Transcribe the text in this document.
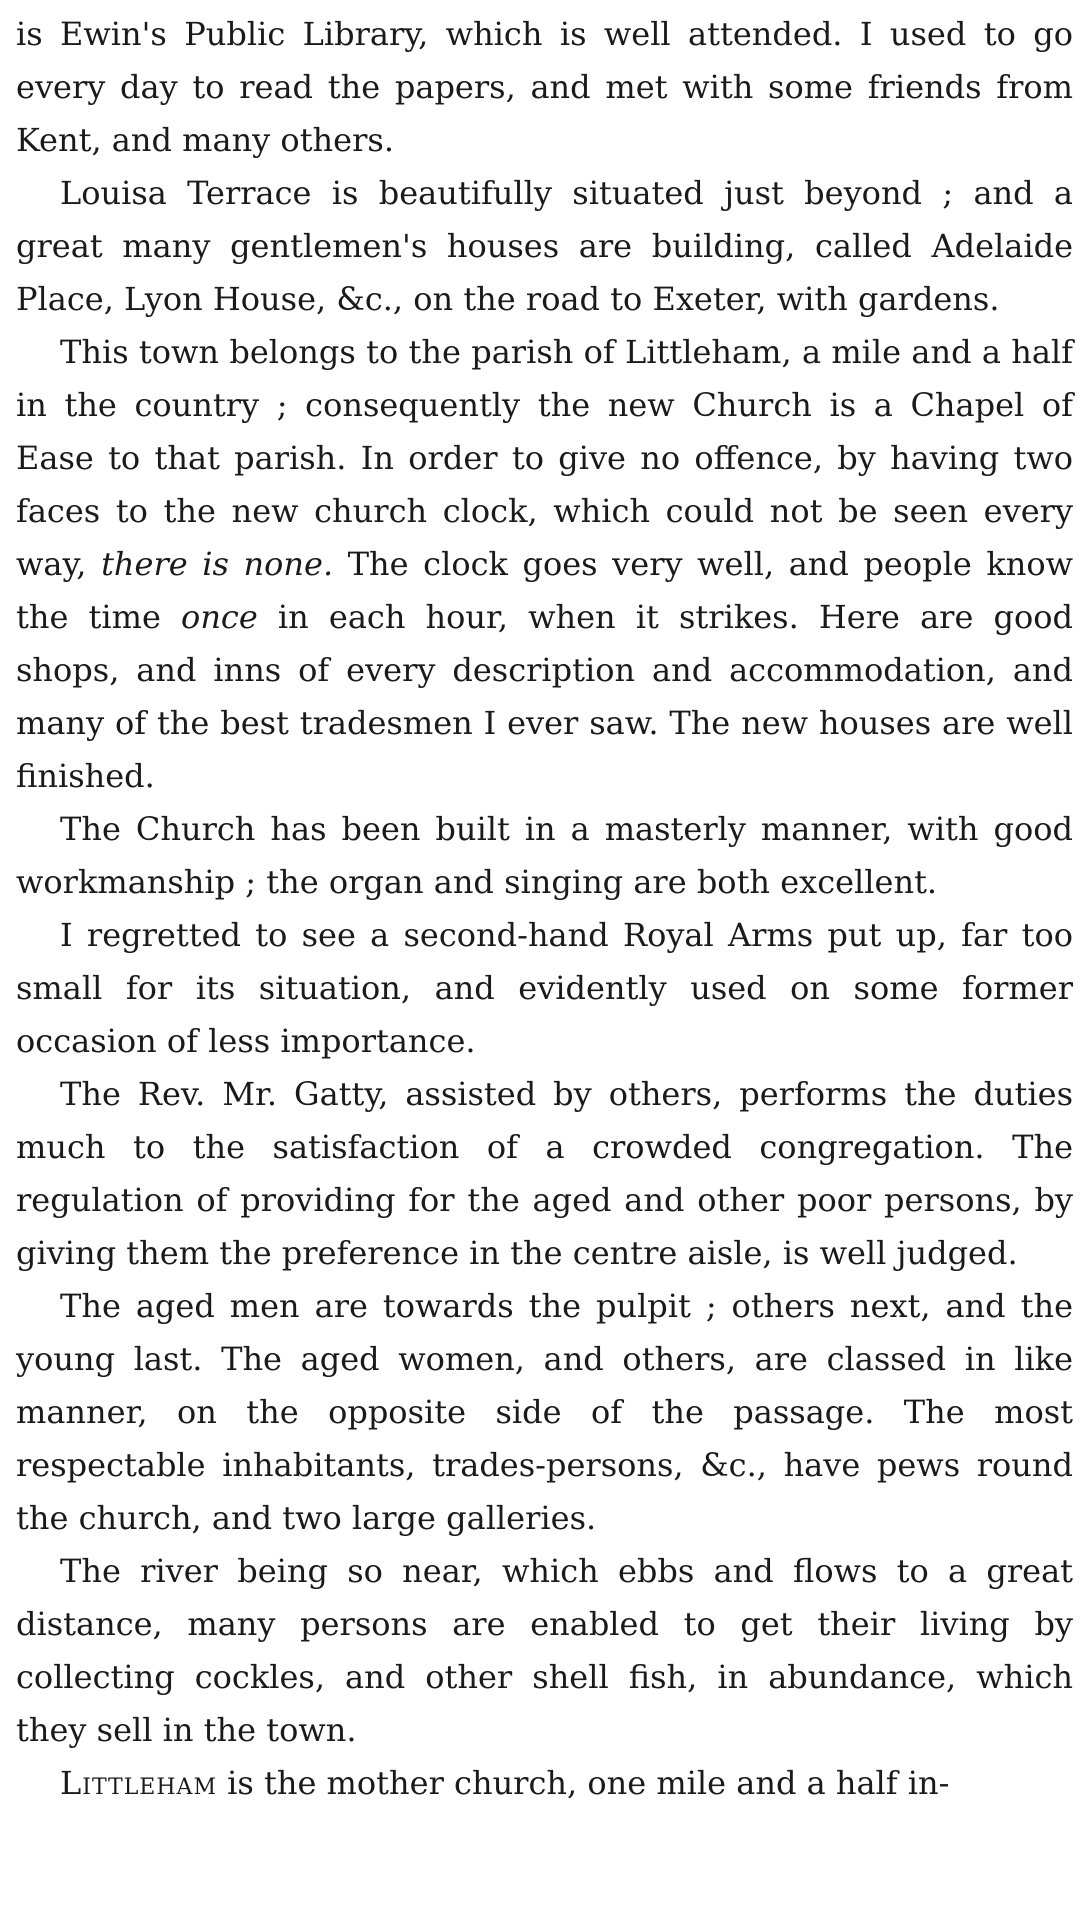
is Ewin's Public Library, which is well attended. I used to go every day to read the papers, and met with some friends from Kent, and many others.

Louisa Terrace is beautifully situated just beyond ; and a great many gentlemen's houses are building, called Adelaide Place, Lyon House, &c., on the road to Exeter, with gardens.

This town belongs to the parish of Littleham, a mile and a half in the country ; consequently the new Church is a Chapel of Ease to that parish. In order to give no offence, by having two faces to the new church clock, which could not be seen every way, there is none. The clock goes very well, and people know the time once in each hour, when it strikes. Here are good shops, and inns of every description and accommodation, and many of the best tradesmen I ever saw. The new houses are well finished.

The Church has been built in a masterly manner, with good workmanship ; the organ and singing are both excellent.

I regretted to see a second-hand Royal Arms put up, far too small for its situation, and evidently used on some former occasion of less importance.

The Rev. Mr. Gatty, assisted by others, performs the duties much to the satisfaction of a crowded congregation. The regulation of providing for the aged and other poor persons, by giving them the preference in the centre aisle, is well judged.

The aged men are towards the pulpit ; others next, and the young last. The aged women, and others, are classed in like manner, on the opposite side of the passage. The most respectable inhabitants, trades-persons, &c., have pews round the church, and two large galleries.

The river being so near, which ebbs and flows to a great distance, many persons are enabled to get their living by collecting cockles, and other shell fish, in abundance, which they sell in the town.

Littleham is the mother church, one mile and a half in-
